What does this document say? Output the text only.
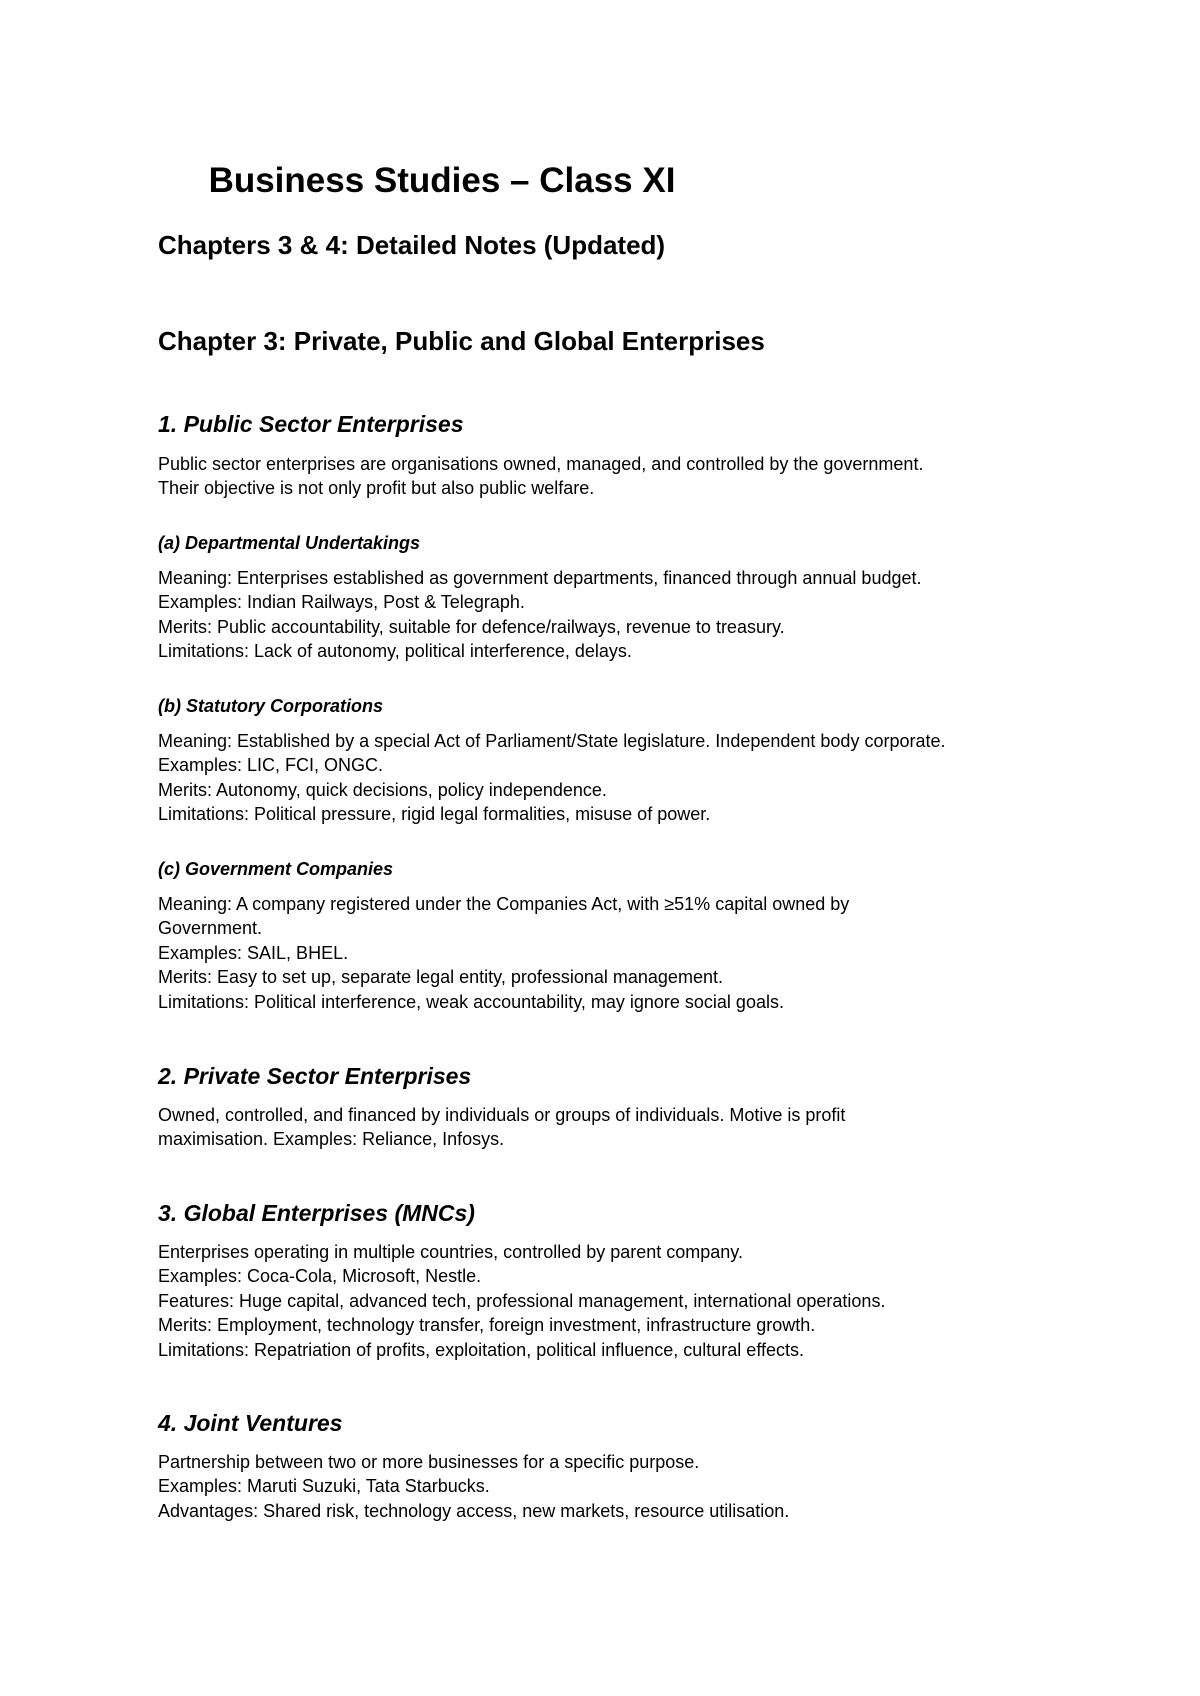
Business Studies – Class XI
Chapters 3 & 4: Detailed Notes (Updated)
Chapter 3: Private, Public and Global Enterprises
1. Public Sector Enterprises

Public sector enterprises are organisations owned, managed, and controlled by the government.
Their objective is not only profit but also public welfare.

(a) Departmental Undertakings

Meaning: Enterprises established as government departments, financed through annual budget.
Examples: Indian Railways, Post & Telegraph.
Merits: Public accountability, suitable for defence/railways, revenue to treasury.
Limitations: Lack of autonomy, political interference, delays.

(b) Statutory Corporations

Meaning: Established by a special Act of Parliament/State legislature. Independent body corporate.
Examples: LIC, FCI, ONGC.
Merits: Autonomy, quick decisions, policy independence.
Limitations: Political pressure, rigid legal formalities, misuse of power.

(c) Government Companies

Meaning: A company registered under the Companies Act, with ≥51% capital owned by
Government.
Examples: SAIL, BHEL.
Merits: Easy to set up, separate legal entity, professional management.
Limitations: Political interference, weak accountability, may ignore social goals.

2. Private Sector Enterprises

Owned, controlled, and financed by individuals or groups of individuals. Motive is profit
maximisation. Examples: Reliance, Infosys.

3. Global Enterprises (MNCs)

Enterprises operating in multiple countries, controlled by parent company.
Examples: Coca-Cola, Microsoft, Nestle.
Features: Huge capital, advanced tech, professional management, international operations.
Merits: Employment, technology transfer, foreign investment, infrastructure growth.
Limitations: Repatriation of profits, exploitation, political influence, cultural effects.

4. Joint Ventures

Partnership between two or more businesses for a specific purpose.
Examples: Maruti Suzuki, Tata Starbucks.
Advantages: Shared risk, technology access, new markets, resource utilisation.
